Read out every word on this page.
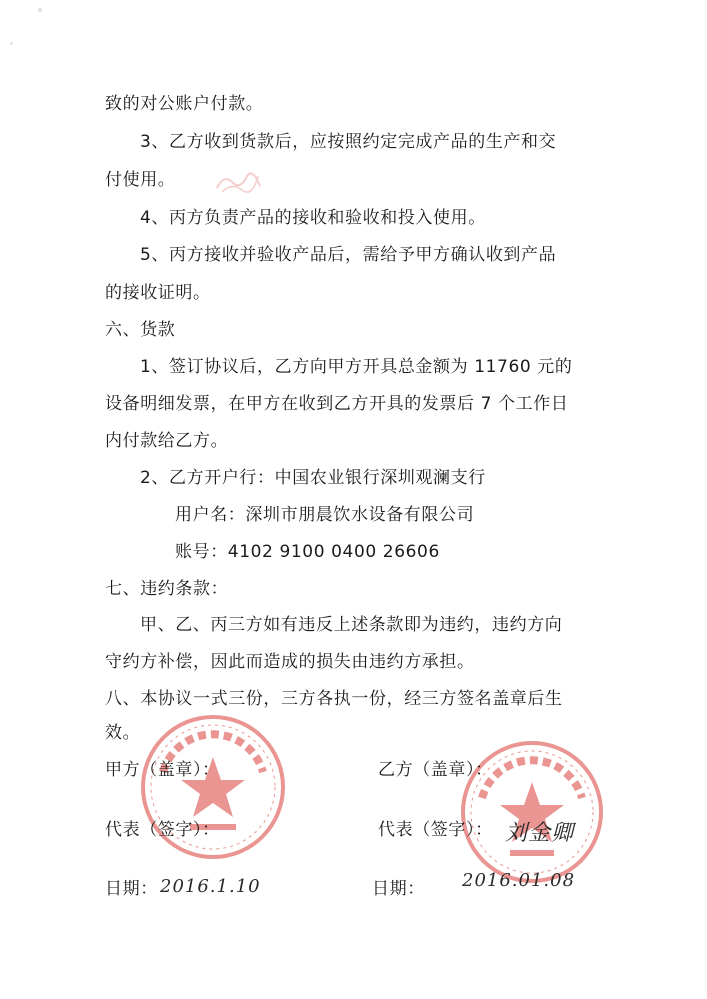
致的对公账户付款。
3、乙方收到货款后，应按照约定完成产品的生产和交
付使用。
4、丙方负责产品的接收和验收和投入使用。
5、丙方接收并验收产品后，需给予甲方确认收到产品
的接收证明。
六、货款
1、签订协议后，乙方向甲方开具总金额为 11760 元的
设备明细发票，在甲方在收到乙方开具的发票后 7 个工作日
内付款给乙方。
2、乙方开户行：中国农业银行深圳观澜支行
用户名：深圳市朋晨饮水设备有限公司
账号：4102 9100 0400 26606
七、违约条款：
甲、乙、丙三方如有违反上述条款即为违约，违约方向
守约方补偿，因此而造成的损失由违约方承担。
八、本协议一式三份，三方各执一份，经三方签名盖章后生
效。
甲方（盖章）：	乙方（盖章）：
代表（签字）：	代表（签字）： 刘金卿
日期： 2016.1.10	日期： 2016.01.08
